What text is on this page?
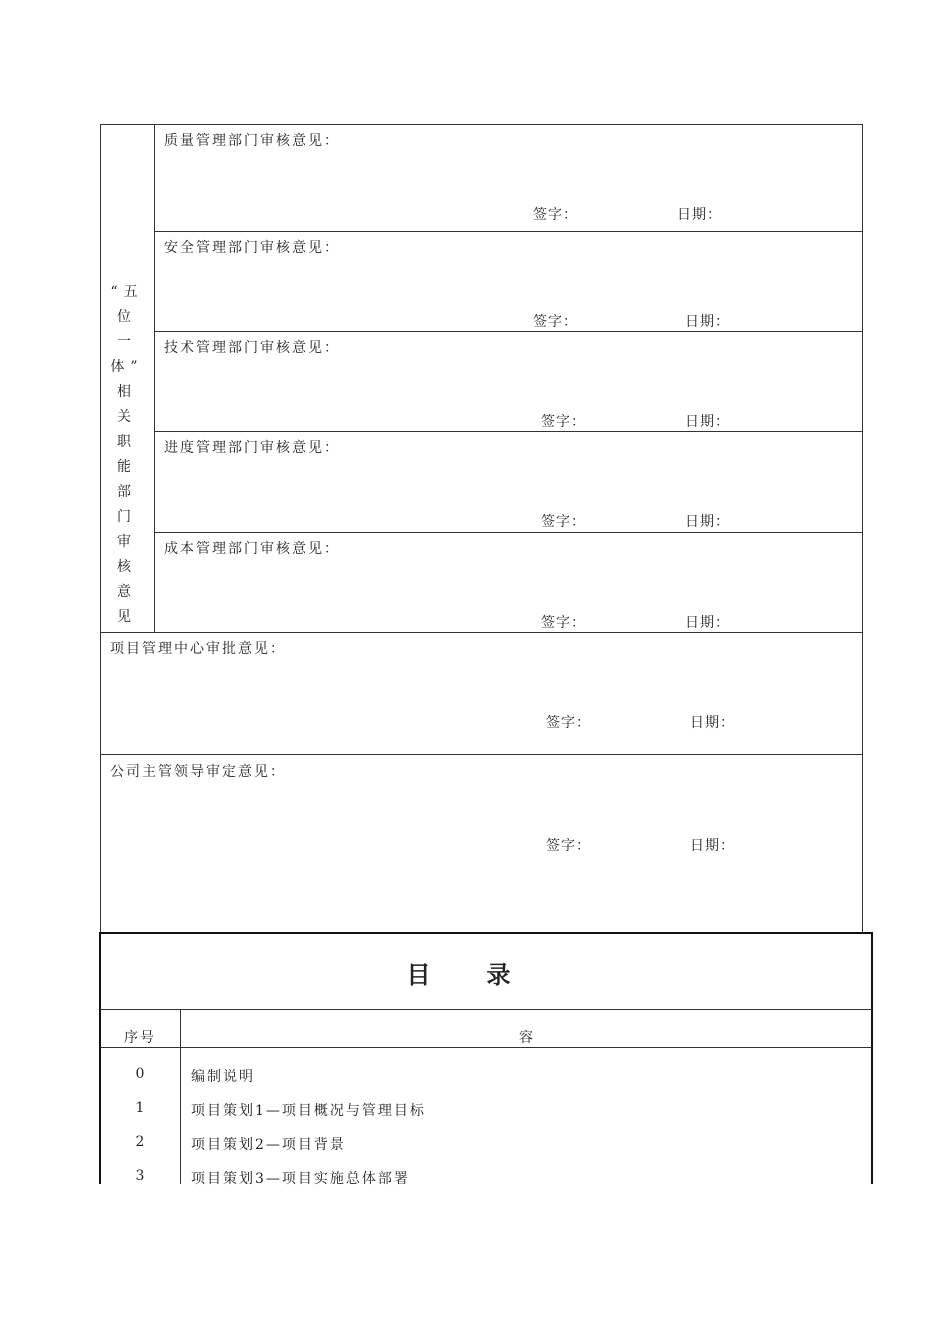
“五
位一
体”
相关
职能
部门
审核
意见
质量管理部门审核意见：
签字：	日期：
安全管理部门审核意见：
签字：	日期：
技术管理部门审核意见：
签字：	日期：
进度管理部门审核意见：
签字：	日期：
成本管理部门审核意见：
签字：	日期：
项目管理中心审批意见：
签字：	日期：
公司主管领导审定意见：
签字：	日期：
目录
序号	容
0	编制说明
1	项目策划1—项目概况与管理目标
2	项目策划2—项目背景
3	项目策划3—项目实施总体部署
